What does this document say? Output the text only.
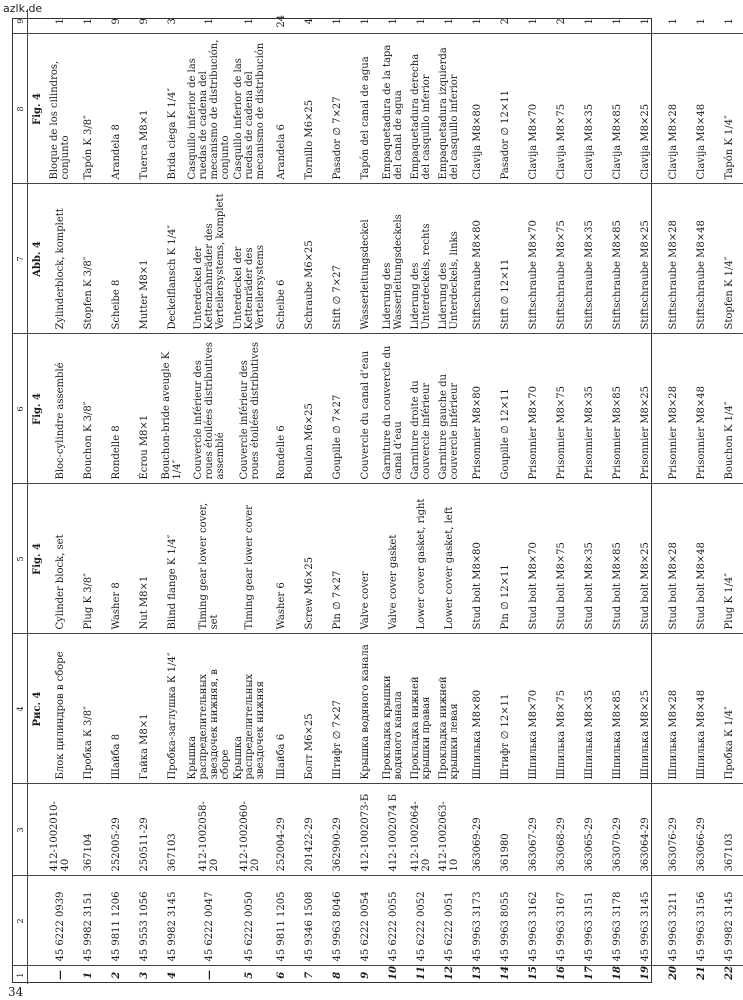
azlk.de
1	2	3	4	5	6	7	8	9
			Рис. 4	Fig. 4	Fig. 4	Abb. 4	Fig. 4	
—	45 6222 0939	412-1002010-40	Блок цилиндров в сборе	Cylinder block, set	Bloc-cylindre assemblé	Zylinderblock, komplett	Bloque de los cilindros, conjunto	1
1	45 9982 3151	367104	Пробка К 3/8″	Plug K 3/8″	Bouchon K 3/8″	Stopfen K 3/8″	Tapón K 3/8″	1
2	45 9811 1206	252005-29	Шайба 8	Washer 8	Rondelle 8	Scheibe 8	Arandela 8	9
3	45 9553 1056	250511-29	Гайка М8×1	Nut M8×1	Écrou M8×1	Mutter M8×1	Tuerca M8×1	9
4	45 9982 3145	367103	Пробка-заглушка К 1/4″	Blind flange K 1/4″	Bouchon-bride aveugle K 1/4″	Deckelflansch K 1/4″	Brida ciega K 1/4″	3
—	45 6222 0047	412-1002058-20	Крышка распределительных звездочек нижняя, в сборе	Timing gear lower cover, set	Couvercle inférieur des roues étoilées distributives assemblé	Unterdeckel der Kettenzahnräder des Verteilersystems, komplett	Casquillo inferior de las ruedas de cadena del mecanismo de distribución, conjunto	1
5	45 6222 0050	412-1002060-20	Крышка распределительных звездочек нижняя	Timing gear lower cover	Couvercle inférieur des roues étoilées distributives	Unterdeckel der Kettenräder des Verteilersystems	Casquillo inferior de las ruedas de cadena del mecanismo de distribución	1
6	45 9811 1205	252004-29	Шайба 6	Washer 6	Rondelle 6	Scheibe 6	Arandela 6	24
7	45 9346 1508	201422-29	Болт М6×25	Screw M6×25	Boulon M6×25	Schraube M6×25	Tornillo M6×25	4
8	45 9963 8046	362900-29	Штифт ∅ 7×27	Pin ∅ 7×27	Goupille ∅ 7×27	Stift ∅ 7×27	Pasador ∅ 7×27	1
9	45 6222 0054	412-1002073-Б	Крышка водяного канала	Valve cover	Couvercle du canal d’eau	Wasserleitungsdeckel	Tapón del canal de agua	1
10	45 6222 0055	412-1002074 Б	Прокладка крышки водяного канала	Valve cover gasket	Garniture du couvercle du canal d’eau	Liderung des Wasserleitungsdeckels	Empaquetadura de la tapa del canal de agua	1
11	45 6222 0052	412-1002064-20	Прокладка нижней крышки правая	Lower cover gasket, right	Garniture droite du couvercle inférieur	Liderung des Unterdeckels, rechts	Empaquetadura derecha del casquillo inferior	1
12	45 6222 0051	412-1002063-10	Прокладка нижней крышки левая	Lower cover gasket, left	Garniture gauche du couvercle inférieur	Liderung des Unterdeckels, links	Empaquetadura izquierda del casquillo inferior	1
13	45 9963 3173	363069-29	Шпилька М8×80	Stud bolt M8×80	Prisonnier M8×80	Stiftschraube M8×80	Clavija M8×80	1
14	45 9963 8055	361980	Штифт ∅ 12×11	Pin ∅ 12×11	Goupille ∅ 12×11	Stift ∅ 12×11	Pasador ∅ 12×11	2
15	45 9963 3162	363067-29	Шпилька М8×70	Stud bolt M8×70	Prisonnier M8×70	Stiftschraube M8×70	Clavija M8×70	1
16	45 9963 3167	363068-29	Шпилька М8×75	Stud bolt M8×75	Prisonnier M8×75	Stiftschraube M8×75	Clavija M8×75	2
17	45 9963 3151	363065-29	Шпилька М8×35	Stud bolt M8×35	Prisonnier M8×35	Stiftschraube M8×35	Clavija M8×35	1
18	45 9963 3178	363070-29	Шпилька М8×85	Stud bolt M8×85	Prisonnier M8×85	Stiftschraube M8×85	Clavija M8×85	1
19	45 9963 3145	363064-29	Шпилька М8×25	Stud bolt M8×25	Prisonnier M8×25	Stiftschraube M8×25	Clavija M8×25	1
20	45 9963 3211	363076-29	Шпилька М8×28	Stud bolt M8×28	Prisonnier M8×28	Stiftschraube M8×28	Clavija M8×28	1
21	45 9963 3156	363066-29	Шпилька М8×48	Stud bolt M8×48	Prisonnier M8×48	Stiftschraube M8×48	Clavija M8×48	1
22	45 9982 3145	367103	Пробка К 1/4″	Plug K 1/4″	Bouchon K 1/4″	Stopfen K 1/4″	Tapón K 1/4″	1
34
